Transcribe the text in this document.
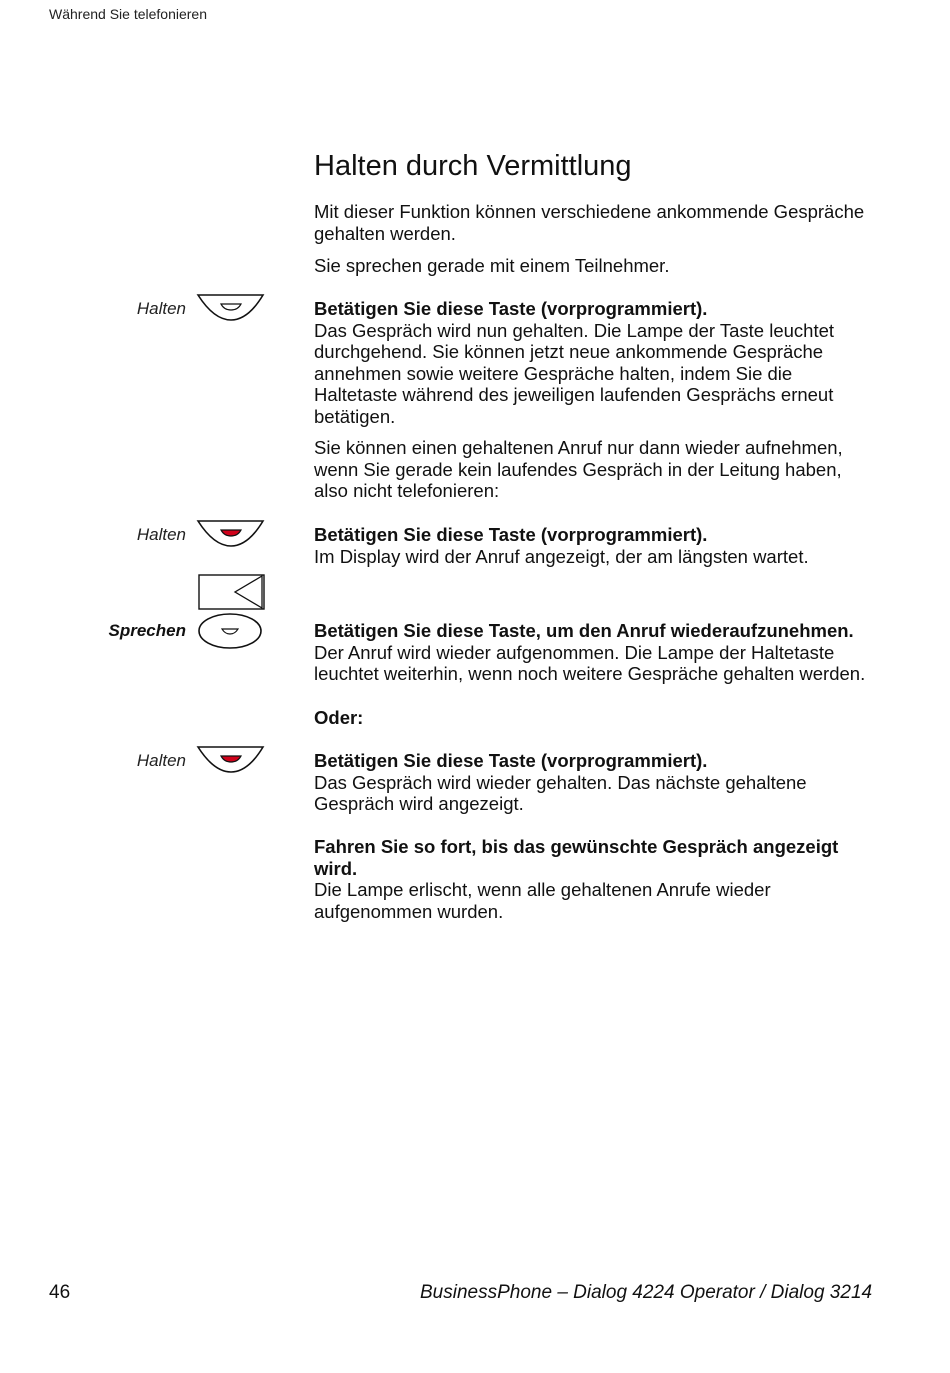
Während Sie telefonieren
Halten durch Vermittlung

Mit dieser Funktion können verschiedene ankommende Gespräche gehalten werden.

Sie sprechen gerade mit einem Teilnehmer.

Halten	Betätigen Sie diese Taste (vorprogrammiert).
Das Gespräch wird nun gehalten. Die Lampe der Taste leuchtet durchgehend. Sie können jetzt neue ankommende Gespräche annehmen sowie weitere Gespräche halten, indem Sie die Haltetaste während des jeweiligen laufenden Gesprächs erneut betätigen.

Sie können einen gehaltenen Anruf nur dann wieder aufnehmen, wenn Sie gerade kein laufendes Gespräch in der Leitung haben, also nicht telefonieren:

Halten	Betätigen Sie diese Taste (vorprogrammiert).
Im Display wird der Anruf angezeigt, der am längsten wartet.

Sprechen	Betätigen Sie diese Taste, um den Anruf wiederaufzunehmen.
Der Anruf wird wieder aufgenommen. Die Lampe der Haltetaste leuchtet weiterhin, wenn noch weitere Gespräche gehalten werden.

Oder:

Halten	Betätigen Sie diese Taste (vorprogrammiert).
Das Gespräch wird wieder gehalten. Das nächste gehaltene Gespräch wird angezeigt.

Fahren Sie so fort, bis das gewünschte Gespräch angezeigt wird.
Die Lampe erlischt, wenn alle gehaltenen Anrufe wieder aufgenommen wurden.

46	BusinessPhone – Dialog 4224 Operator / Dialog 3214
